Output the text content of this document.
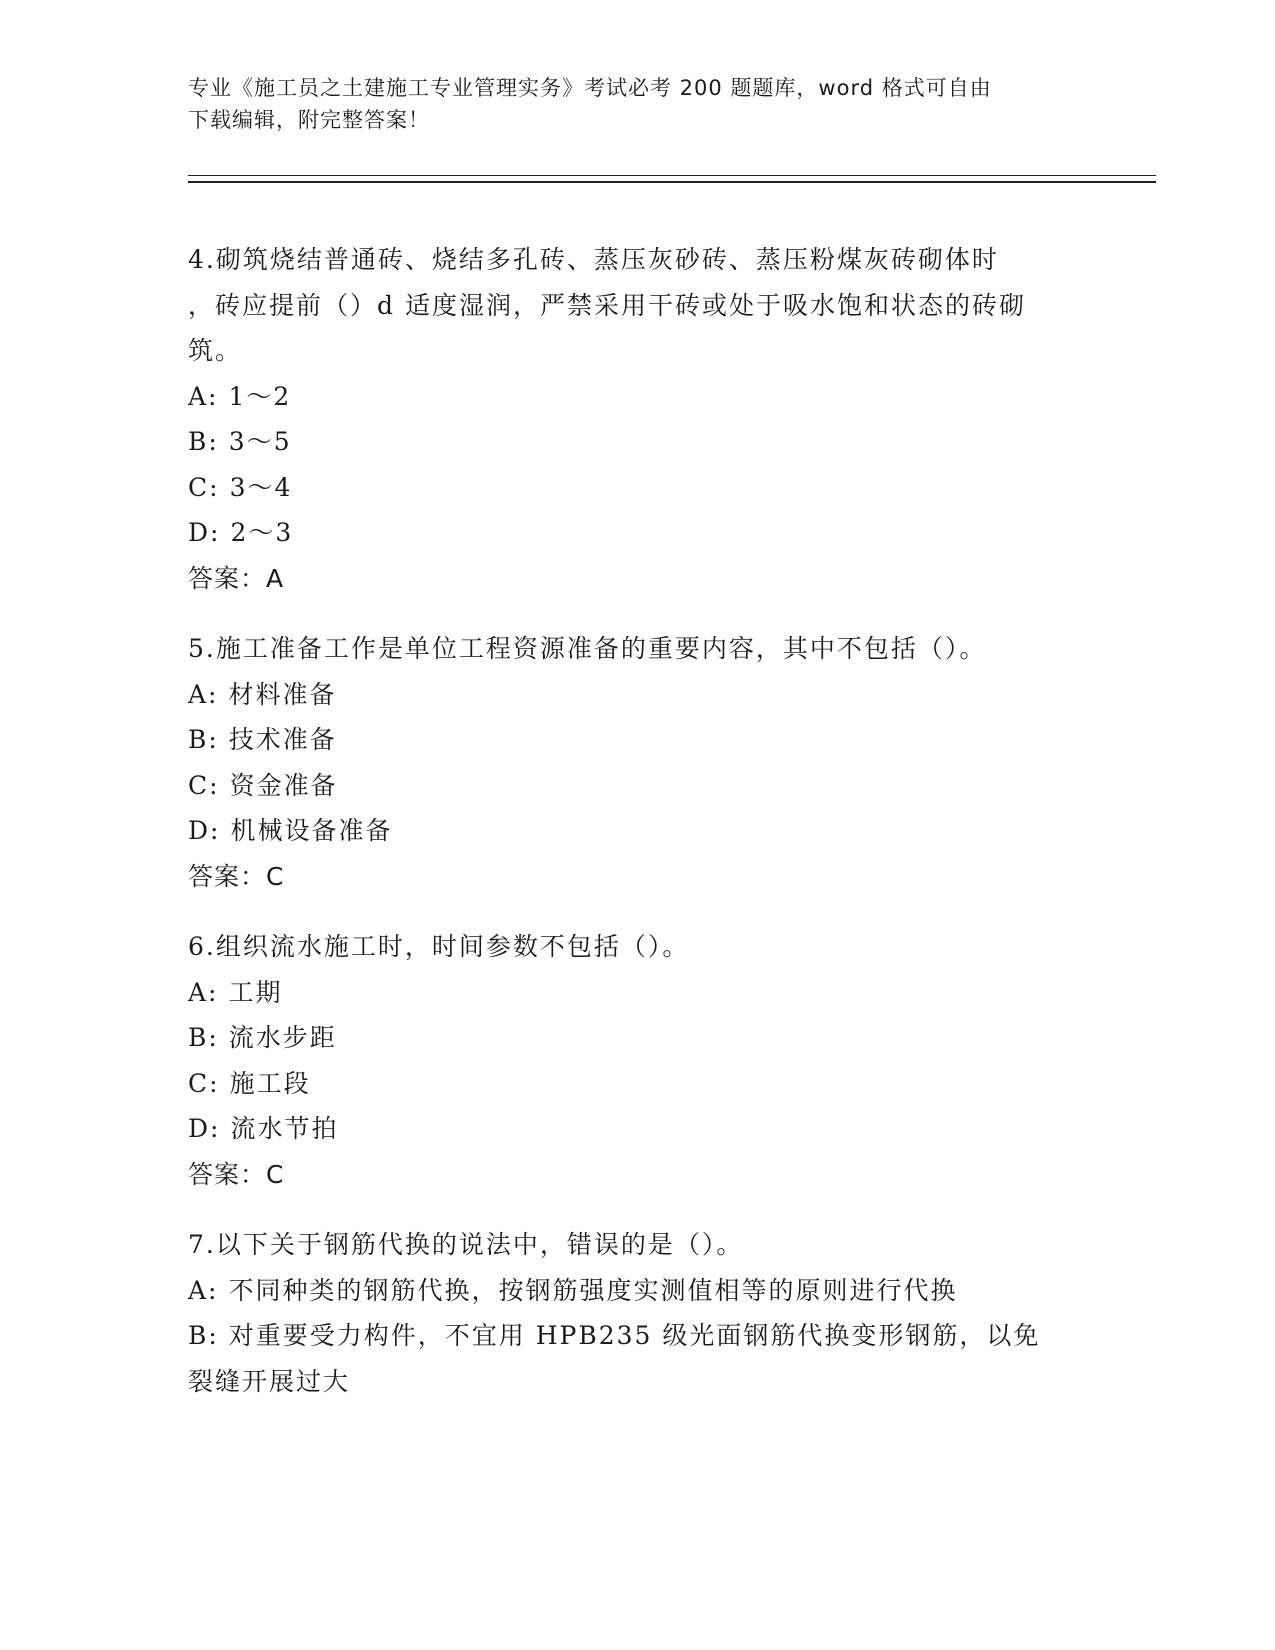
专业《施工员之土建施工专业管理实务》考试必考 200 题题库，word 格式可自由
下载编辑，附完整答案！
4.砌筑烧结普通砖、烧结多孔砖、蒸压灰砂砖、蒸压粉煤灰砖砌体时
，砖应提前（）d 适度湿润，严禁采用干砖或处于吸水饱和状态的砖砌
筑。
A: 1～2
B: 3～5
C: 3～4
D: 2～3
答案：A
5.施工准备工作是单位工程资源准备的重要内容，其中不包括（）。
A: 材料准备
B: 技术准备
C: 资金准备
D: 机械设备准备
答案：C
6.组织流水施工时，时间参数不包括（）。
A: 工期
B: 流水步距
C: 施工段
D: 流水节拍
答案：C
7.以下关于钢筋代换的说法中，错误的是（）。
A: 不同种类的钢筋代换，按钢筋强度实测值相等的原则进行代换
B: 对重要受力构件，不宜用 HPB235 级光面钢筋代换变形钢筋，以免
裂缝开展过大
